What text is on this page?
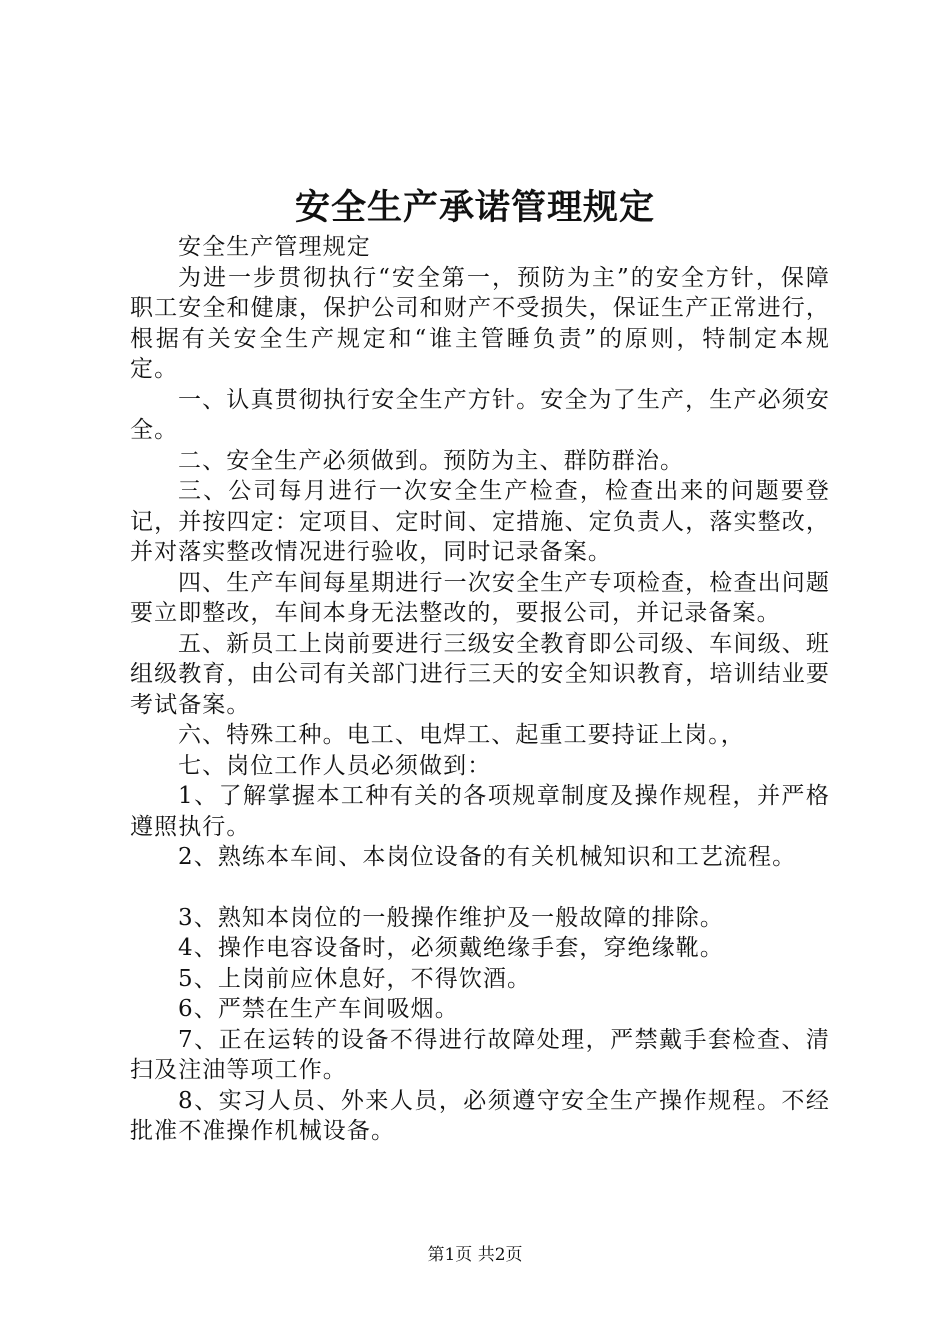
安全生产承诺管理规定

安全生产管理规定

为进一步贯彻执行“安全第一，预防为主”的安全方针，保障职工安全和健康，保护公司和财产不受损失，保证生产正常进行，根据有关安全生产规定和“谁主管睡负责”的原则，特制定本规定。

一、认真贯彻执行安全生产方针。安全为了生产，生产必须安全。

二、安全生产必须做到。预防为主、群防群治。

三、公司每月进行一次安全生产检查，检查出来的问题要登记，并按四定：定项目、定时间、定措施、定负责人，落实整改，并对落实整改情况进行验收，同时记录备案。

四、生产车间每星期进行一次安全生产专项检查，检查出问题要立即整改，车间本身无法整改的，要报公司，并记录备案。

五、新员工上岗前要进行三级安全教育即公司级、车间级、班组级教育，由公司有关部门进行三天的安全知识教育，培训结业要考试备案。

六、特殊工种。电工、电焊工、起重工要持证上岗。，

七、岗位工作人员必须做到：

1、了解掌握本工种有关的各项规章制度及操作规程，并严格遵照执行。

2、熟练本车间、本岗位设备的有关机械知识和工艺流程。

3、熟知本岗位的一般操作维护及一般故障的排除。

4、操作电容设备时，必须戴绝缘手套，穿绝缘靴。

5、上岗前应休息好，不得饮酒。

6、严禁在生产车间吸烟。

7、正在运转的设备不得进行故障处理，严禁戴手套检查、清扫及注油等项工作。

8、实习人员、外来人员，必须遵守安全生产操作规程。不经批准不准操作机械设备。

第1页 共2页
